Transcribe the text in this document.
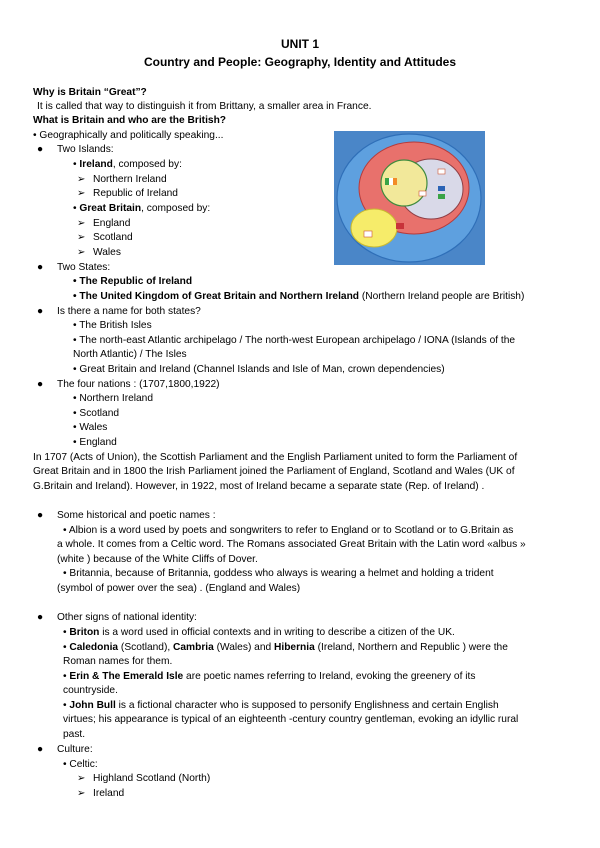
UNIT 1
Country and People: Geography, Identity and Attitudes
Why is Britain “Great”?
It is called that way to distinguish it from Brittany, a smaller area in France.
What is Britain and who are the British?
• Geographically and politically speaking...
● Two Islands:
• Ireland, composed by:
➢ Northern Ireland
➢ Republic of Ireland
• Great Britain, composed by:
➢ England
➢ Scotland
➢ Wales
● Two States:
• The Republic of Ireland
• The United Kingdom of Great Britain and Northern Ireland (Northern Ireland people are British)
● Is there a name for both states?
• The British Isles
• The north-east Atlantic archipelago / The north-west European archipelago / IONA (Islands of the
North Atlantic) / The Isles
• Great Britain and Ireland (Channel Islands and Isle of Man, crown dependencies)
● The four nations : (1707,1800,1922)
• Northern Ireland
• Scotland
• Wales
• England
In 1707 (Acts of Union), the Scottish Parliament and the English Parliament united to form the Parliament of
Great Britain and in 1800 the Irish Parliament joined the Parliament of England, Scotland and Wales (UK of
G.Britain and Ireland). However, in 1922, most of Ireland became a separate state (Rep. of Ireland) .
● Some historical and poetic names :
• Albion is a word used by poets and songwriters to refer to England or to Scotland or to G.Britain as
a whole. It comes from a Celtic word. The Romans associated Great Britain with the Latin word «albus »
(white ) because of the White Cliffs of Dover.
• Britannia, because of Britannia, goddess who always is wearing a helmet and holding a trident
(symbol of power over the sea) . (England and Wales)
● Other signs of national identity:
• Briton is a word used in official contexts and in writing to describe a citizen of the UK.
• Caledonia (Scotland), Cambria (Wales) and Hibernia (Ireland, Northern and Republic ) were the
Roman names for them.
• Erin & The Emerald Isle are poetic names referring to Ireland, evoking the greenery of its
countryside.
• John Bull is a fictional character who is supposed to personify Englishness and certain English
virtues; his appearance is typical of an eighteenth -century country gentleman, evoking an idyllic rural
past.
● Culture:
• Celtic:
➢ Highland Scotland (North)
➢ Ireland
